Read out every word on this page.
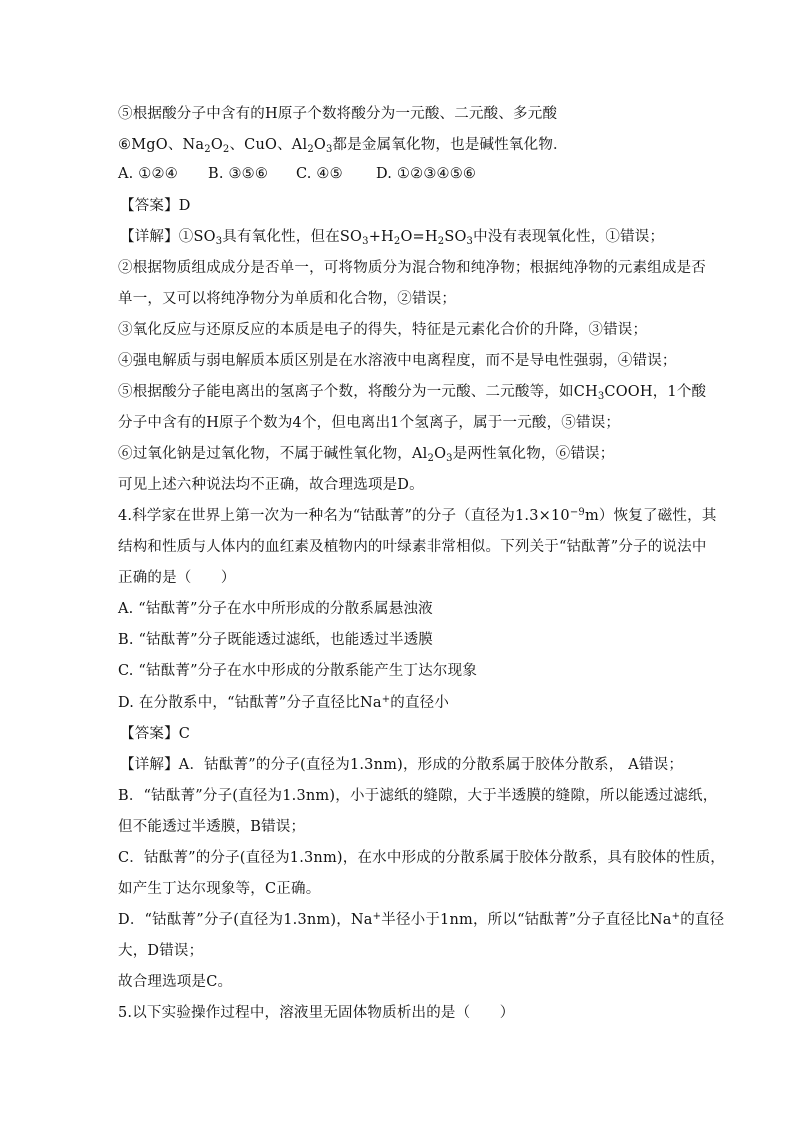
⑤根据酸分子中含有的H原子个数将酸分为一元酸、二元酸、多元酸
⑥MgO、$Na_2O_2$、CuO、$Al_2O_3$都是金属氧化物，也是碱性氧化物．
A. ①②④ B. ③⑤⑥ C. ④⑤ D. ①②③④⑤⑥
【答案】D
【详解】$①SO_3$具有氧化性，但在$SO_3+H_2O=H_2SO_3$中没有表现氧化性，①错误；
②根据物质组成成分是否单一，可将物质分为混合物和纯净物；根据纯净物的元素组成是否
单一，又可以将纯净物分为单质和化合物，②错误；
③氧化反应与还原反应的本质是电子的得失，特征是元素化合价的升降，③错误；
④强电解质与弱电解质本质区别是在水溶液中电离程度，而不是导电性强弱，④错误；
⑤根据酸分子能电离出的氢离子个数，将酸分为一元酸、二元酸等，如$CH_3COOH$，1个酸
分子中含有的H原子个数为4个，但电离出1个氢离子，属于一元酸，⑤错误；
⑥过氧化钠是过氧化物，不属于碱性氧化物，$Al_2O_3$是两性氧化物，⑥错误；
可见上述六种说法均不正确，故合理选项是D。
4.科学家在世界上第一次为一种名为“钴酞菁”的分子（直径为$1.3\times 10^{-9}m$）恢复了磁性，其
结构和性质与人体内的血红素及植物内的叶绿素非常相似。下列关于“钴酞菁”分子的说法中
正确的是（　　）
A. “钴酞菁”分子在水中所形成的分散系属悬浊液
B. “钴酞菁”分子既能透过滤纸，也能透过半透膜
C. “钴酞菁”分子在水中形成的分散系能产生丁达尔现象
D. 在分散系中，“钴酞菁”分子直径比Na+的直径小
【答案】C
【详解】A．钴酞菁”的分子(直径为1.3nm)，形成的分散系属于胶体分散系， A错误；
B．“钴酞菁”分子(直径为1.3nm)，小于滤纸的缝隙，大于半透膜的缝隙，所以能透过滤纸，
但不能透过半透膜，B错误；
C．钴酞菁”的分子(直径为1.3nm)，在水中形成的分散系属于胶体分散系，具有胶体的性质，
如产生丁达尔现象等，C正确。
D．“钴酞菁”分子(直径为1.3nm)，Na+半径小于1nm，所以“钴酞菁”分子直径比Na+的直径
大，D错误；
故合理选项是C。
5.以下实验操作过程中，溶液里无固体物质析出的是（　　）
